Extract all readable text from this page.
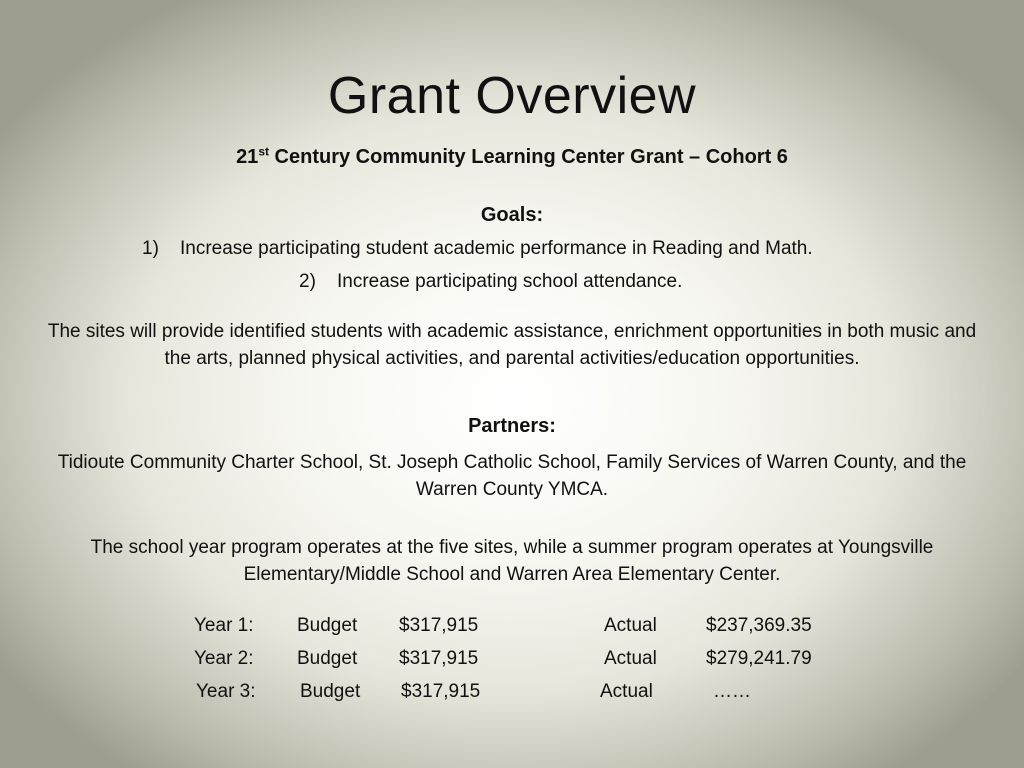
Grant Overview
21st Century Community Learning Center Grant – Cohort 6
Goals:
1) Increase participating student academic performance in Reading and Math.
2) Increase participating school attendance.
The sites will provide identified students with academic assistance, enrichment opportunities in both music and the arts, planned physical activities, and parental activities/education opportunities.
Partners:
Tidioute Community Charter School, St. Joseph Catholic School, Family Services of Warren County, and the Warren County YMCA.
The school year program operates at the five sites, while a summer program operates at Youngsville Elementary/Middle School and Warren Area Elementary Center.
Year 1: Budget $317,915	Actual	$237,369.35
Year 2: Budget $317,915	Actual	$279,241.79
Year 3: Budget $317,915	Actual	……
